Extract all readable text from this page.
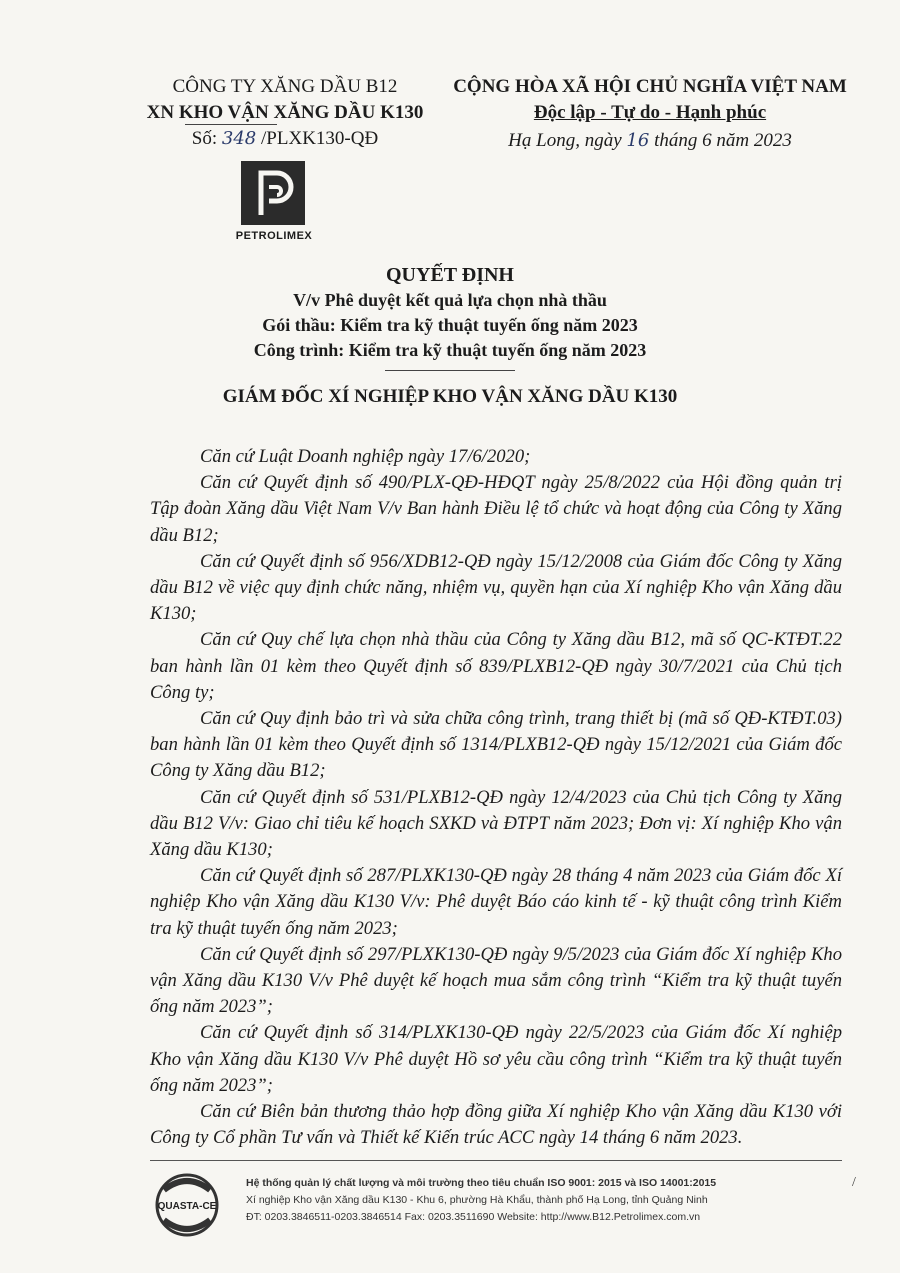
CÔNG TY XĂNG DẦU B12
XN KHO VẬN XĂNG DẦU K130
Số: 348 /PLXK130-QĐ
PETROLIMEX
CỘNG HÒA XÃ HỘI CHỦ NGHĨA VIỆT NAM
Độc lập - Tự do - Hạnh phúc
Hạ Long, ngày 16 tháng 6 năm 2023
QUYẾT ĐỊNH
V/v Phê duyệt kết quả lựa chọn nhà thầu
Gói thầu: Kiểm tra kỹ thuật tuyến ống năm 2023
Công trình: Kiểm tra kỹ thuật tuyến ống năm 2023
GIÁM ĐỐC XÍ NGHIỆP KHO VẬN XĂNG DẦU K130

Căn cứ Luật Doanh nghiệp ngày 17/6/2020;

Căn cứ Quyết định số 490/PLX-QĐ-HĐQT ngày 25/8/2022 của Hội đồng quản trị Tập đoàn Xăng dầu Việt Nam V/v Ban hành Điều lệ tổ chức và hoạt động của Công ty Xăng dầu B12;

Căn cứ Quyết định số 956/XDB12-QĐ ngày 15/12/2008 của Giám đốc Công ty Xăng dầu B12 về việc quy định chức năng, nhiệm vụ, quyền hạn của Xí nghiệp Kho vận Xăng dầu K130;

Căn cứ Quy chế lựa chọn nhà thầu của Công ty Xăng dầu B12, mã số QC-KTĐT.22 ban hành lần 01 kèm theo Quyết định số 839/PLXB12-QĐ ngày 30/7/2021 của Chủ tịch Công ty;

Căn cứ Quy định bảo trì và sửa chữa công trình, trang thiết bị (mã số QĐ-KTĐT.03) ban hành lần 01 kèm theo Quyết định số 1314/PLXB12-QĐ ngày 15/12/2021 của Giám đốc Công ty Xăng dầu B12;

Căn cứ Quyết định số 531/PLXB12-QĐ ngày 12/4/2023 của Chủ tịch Công ty Xăng dầu B12 V/v: Giao chỉ tiêu kế hoạch SXKD và ĐTPT năm 2023; Đơn vị: Xí nghiệp Kho vận Xăng dầu K130;

Căn cứ Quyết định số 287/PLXK130-QĐ ngày 28 tháng 4 năm 2023 của Giám đốc Xí nghiệp Kho vận Xăng dầu K130 V/v: Phê duyệt Báo cáo kinh tế - kỹ thuật công trình Kiểm tra kỹ thuật tuyến ống năm 2023;

Căn cứ Quyết định số 297/PLXK130-QĐ ngày 9/5/2023 của Giám đốc Xí nghiệp Kho vận Xăng dầu K130 V/v Phê duyệt kế hoạch mua sắm công trình “Kiểm tra kỹ thuật tuyến ống năm 2023”;

Căn cứ Quyết định số 314/PLXK130-QĐ ngày 22/5/2023 của Giám đốc Xí nghiệp Kho vận Xăng dầu K130 V/v Phê duyệt Hồ sơ yêu cầu công trình “Kiểm tra kỹ thuật tuyến ống năm 2023”;

Căn cứ Biên bản thương thảo hợp đồng giữa Xí nghiệp Kho vận Xăng dầu K130 với Công ty Cổ phần Tư vấn và Thiết kế Kiến trúc ACC ngày 14 tháng 6 năm 2023.

QUASTA-CE
Hệ thống quản lý chất lượng và môi trường theo tiêu chuẩn ISO 9001: 2015 và ISO 14001:2015
Xí nghiệp Kho vận Xăng dầu K130 - Khu 6, phường Hà Khẩu, thành phố Hạ Long, tỉnh Quảng Ninh
ĐT: 0203.3846511-0203.3846514 Fax: 0203.3511690 Website: http://www.B12.Petrolimex.com.vn
/
